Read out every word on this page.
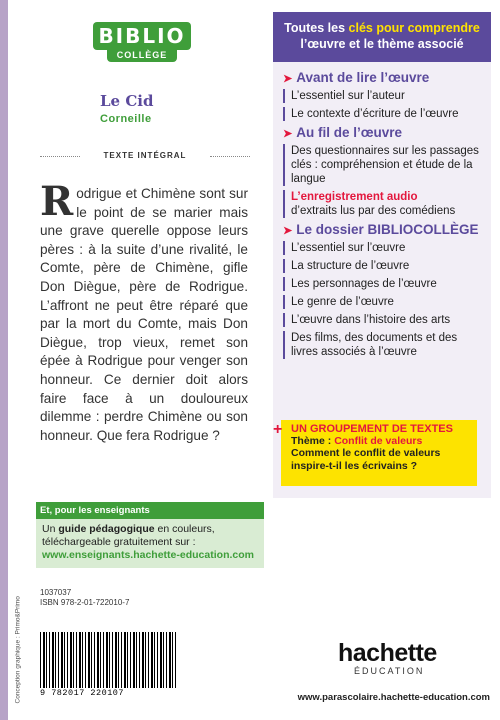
Conception graphique : Primo&Primo
BIBLIO
COLLÈGE
Le Cid
Corneille
TEXTE INTÉGRAL
Rodrigue et Chimène sont sur le point de se marier mais une grave querelle oppose leurs pères : à la suite d’une rivalité, le Comte, père de Chimène, gifle Don Diègue, père de Rodrigue. L’affront ne peut être réparé que par la mort du Comte, mais Don Diègue, trop vieux, remet son épée à Rodrigue pour venger son honneur. Ce dernier doit alors faire face à un douloureux dilemme : perdre Chimène ou son honneur. Que fera Rodrigue ?
Et, pour les enseignants

Un guide pédagogique en couleurs,

téléchargeable gratuitement sur :

www.enseignants.hachette-education.com

1037037
ISBN 978-2-01-722010-7
9 782017 220107
Toutes les clés pour comprendre
l’œuvre et le thème associé
➤ Avant de lire l’œuvre
L’essentiel sur l’auteur
Le contexte d’écriture de l’œuvre
➤ Au fil de l’œuvre
Des questionnaires sur les passages clés : compréhension et étude de la langue
L’enregistrement audio
d’extraits lus par des comédiens
➤ Le dossier BIBLIOCOLLÈGE
L’essentiel sur l’œuvre
La structure de l’œuvre
Les personnages de l’œuvre
Le genre de l’œuvre
L’œuvre dans l’histoire des arts
Des films, des documents et des livres associés à l’œuvre
+ UN GROUPEMENT DE TEXTES
Thème : Conflit de valeurs
Comment le conflit de valeurs inspire-t-il les écrivains ?
hachette
ÉDUCATION
www.parascolaire.hachette-education.com
